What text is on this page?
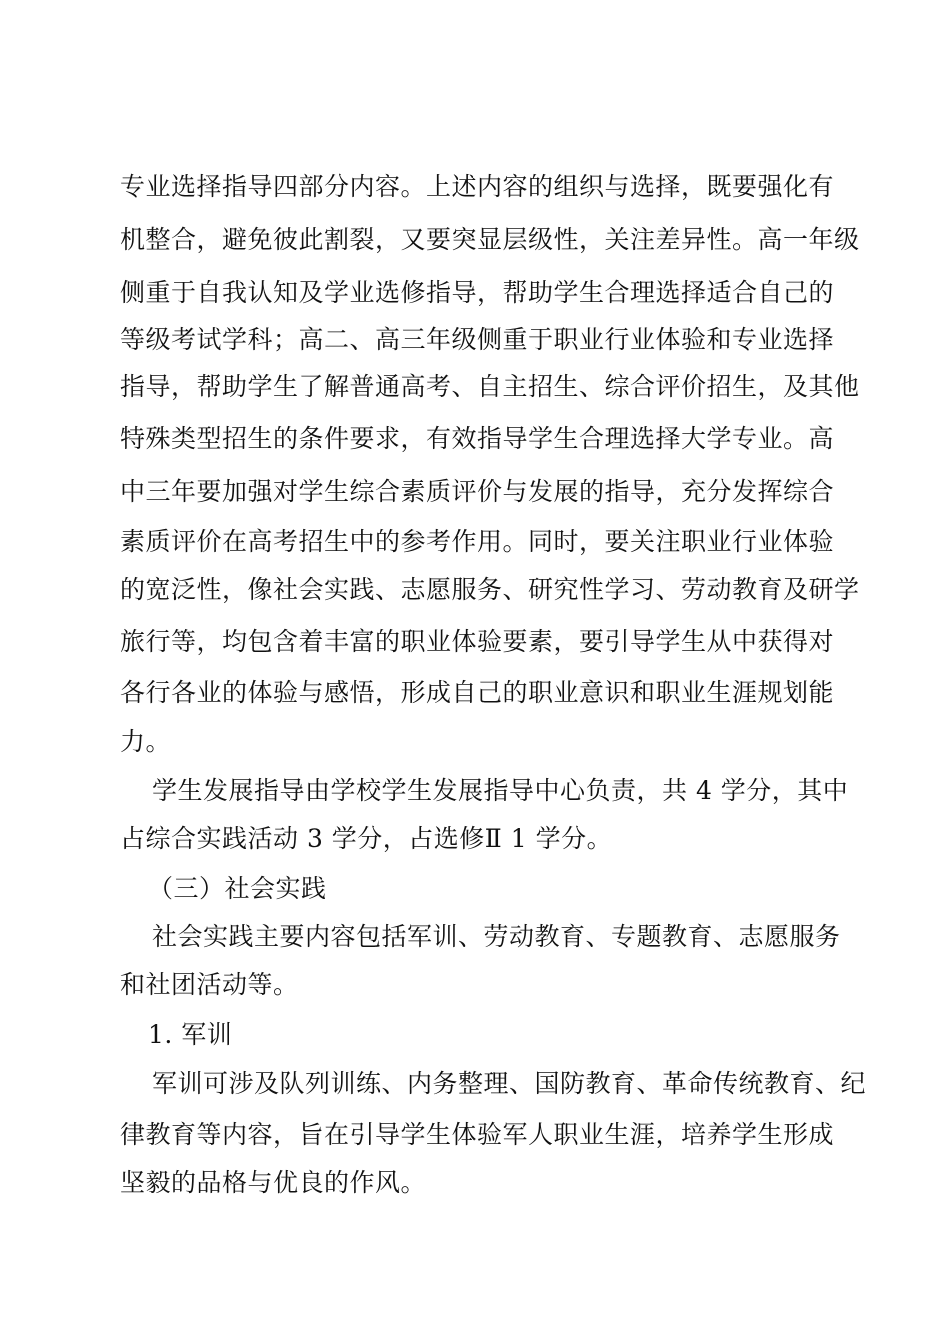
专业选择指导四部分内容。上述内容的组织与选择，既要强化有
机整合，避免彼此割裂，又要突显层级性，关注差异性。高一年级
侧重于自我认知及学业选修指导，帮助学生合理选择适合自己的
等级考试学科；高二、高三年级侧重于职业行业体验和专业选择
指导，帮助学生了解普通高考、自主招生、综合评价招生，及其他
特殊类型招生的条件要求，有效指导学生合理选择大学专业。高
中三年要加强对学生综合素质评价与发展的指导，充分发挥综合
素质评价在高考招生中的参考作用。同时，要关注职业行业体验
的宽泛性，像社会实践、志愿服务、研究性学习、劳动教育及研学
旅行等，均包含着丰富的职业体验要素，要引导学生从中获得对
各行各业的体验与感悟，形成自己的职业意识和职业生涯规划能
力。
学生发展指导由学校学生发展指导中心负责，共 4 学分，其中
占综合实践活动 3 学分，占选修Ⅱ 1 学分。
（三）社会实践
社会实践主要内容包括军训、劳动教育、专题教育、志愿服务
和社团活动等。
1. 军训
军训可涉及队列训练、内务整理、国防教育、革命传统教育、纪
律教育等内容，旨在引导学生体验军人职业生涯，培养学生形成
坚毅的品格与优良的作风。
